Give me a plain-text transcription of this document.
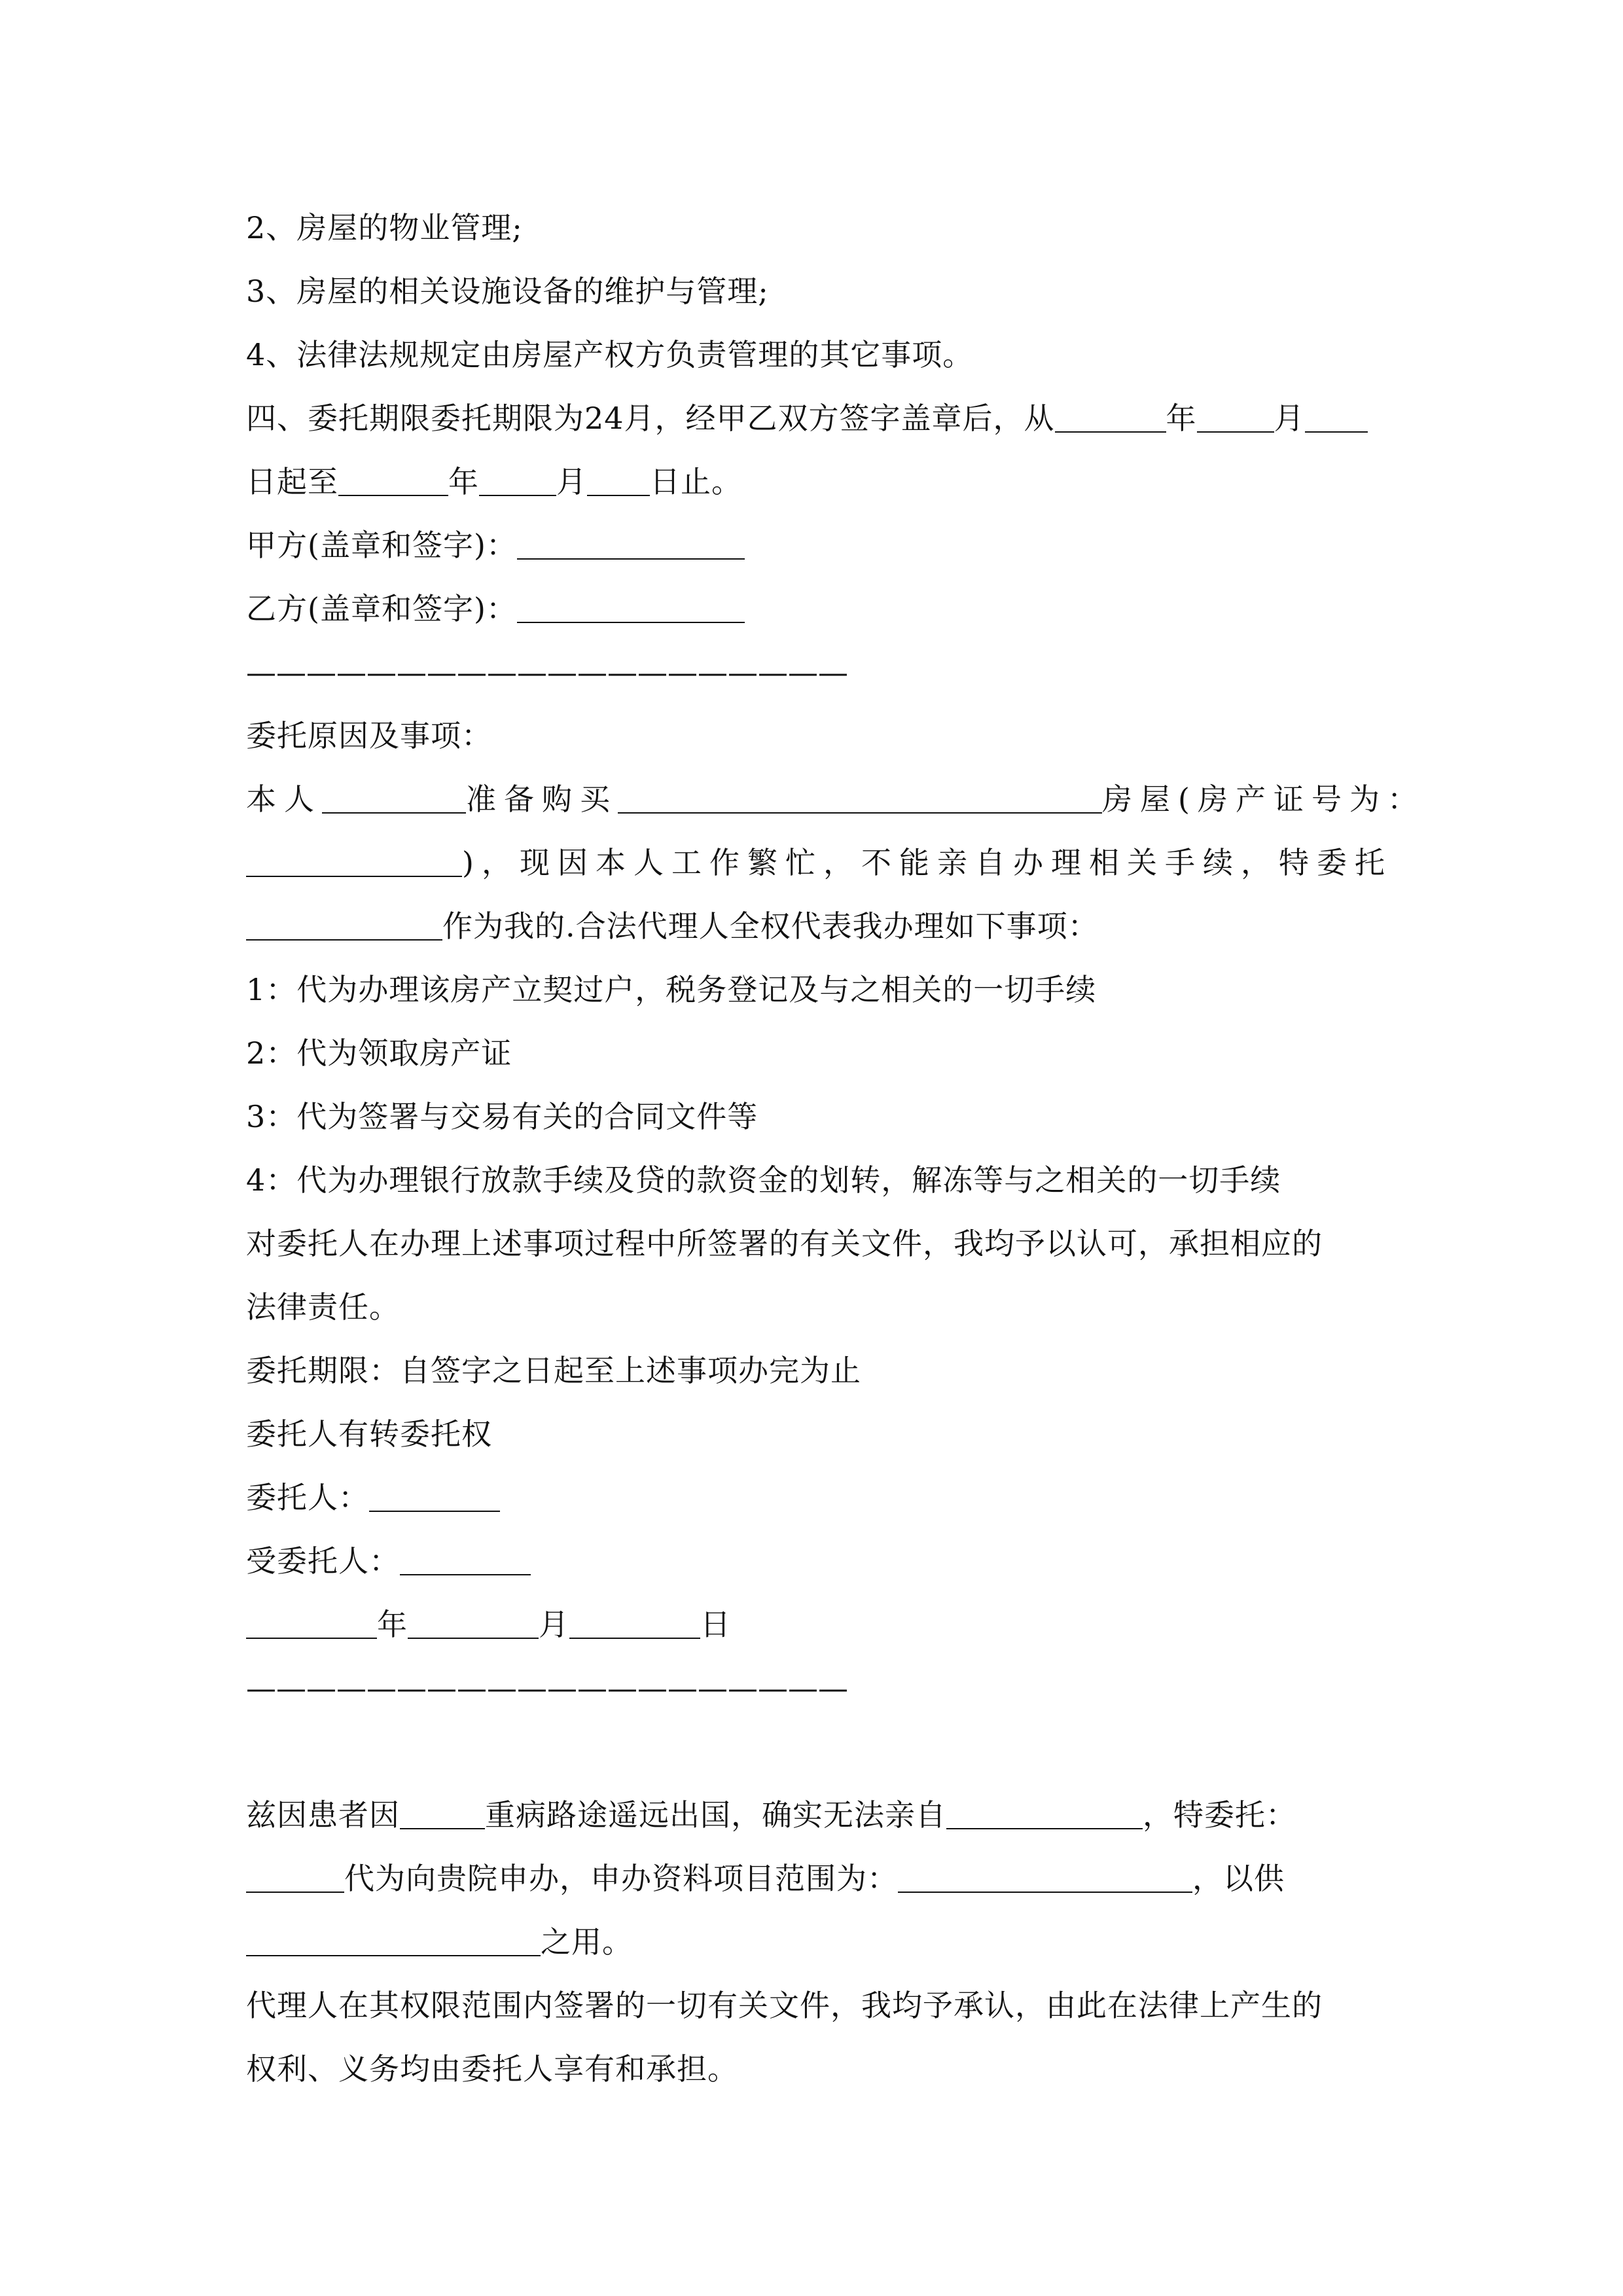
2、房屋的物业管理;
3、房屋的相关设施设备的维护与管理;
4、法律法规规定由房屋产权方负责管理的其它事项。
四、委托期限委托期限为24月，经甲乙双方签字盖章后，从	年	月
日起至	年	月 日止。
甲方(盖章和签字)：
乙方(盖章和签字)：
————————————————————
委托原因及事项：
本人	准备购买	房屋(房产证号为：
)，现因本人工作繁忙，不能亲自办理相关手续，特委托
作为我的.合法代理人全权代表我办理如下事项：
1：代为办理该房产立契过户，税务登记及与之相关的一切手续
2：代为领取房产证
3：代为签署与交易有关的合同文件等
4：代为办理银行放款手续及贷的款资金的划转，解冻等与之相关的一切手续
对委托人在办理上述事项过程中所签署的有关文件，我均予以认可，承担相应的
法律责任。
委托期限：自签字之日起至上述事项办完为止
委托人有转委托权
委托人：
受委托人：
年	月	日
————————————————————
兹因患者因	重病路途遥远出国，确实无法亲自	，特委托：
代为向贵院申办，申办资料项目范围为：	，以供
之用。
代理人在其权限范围内签署的一切有关文件，我均予承认，由此在法律上产生的
权利、义务均由委托人享有和承担。
